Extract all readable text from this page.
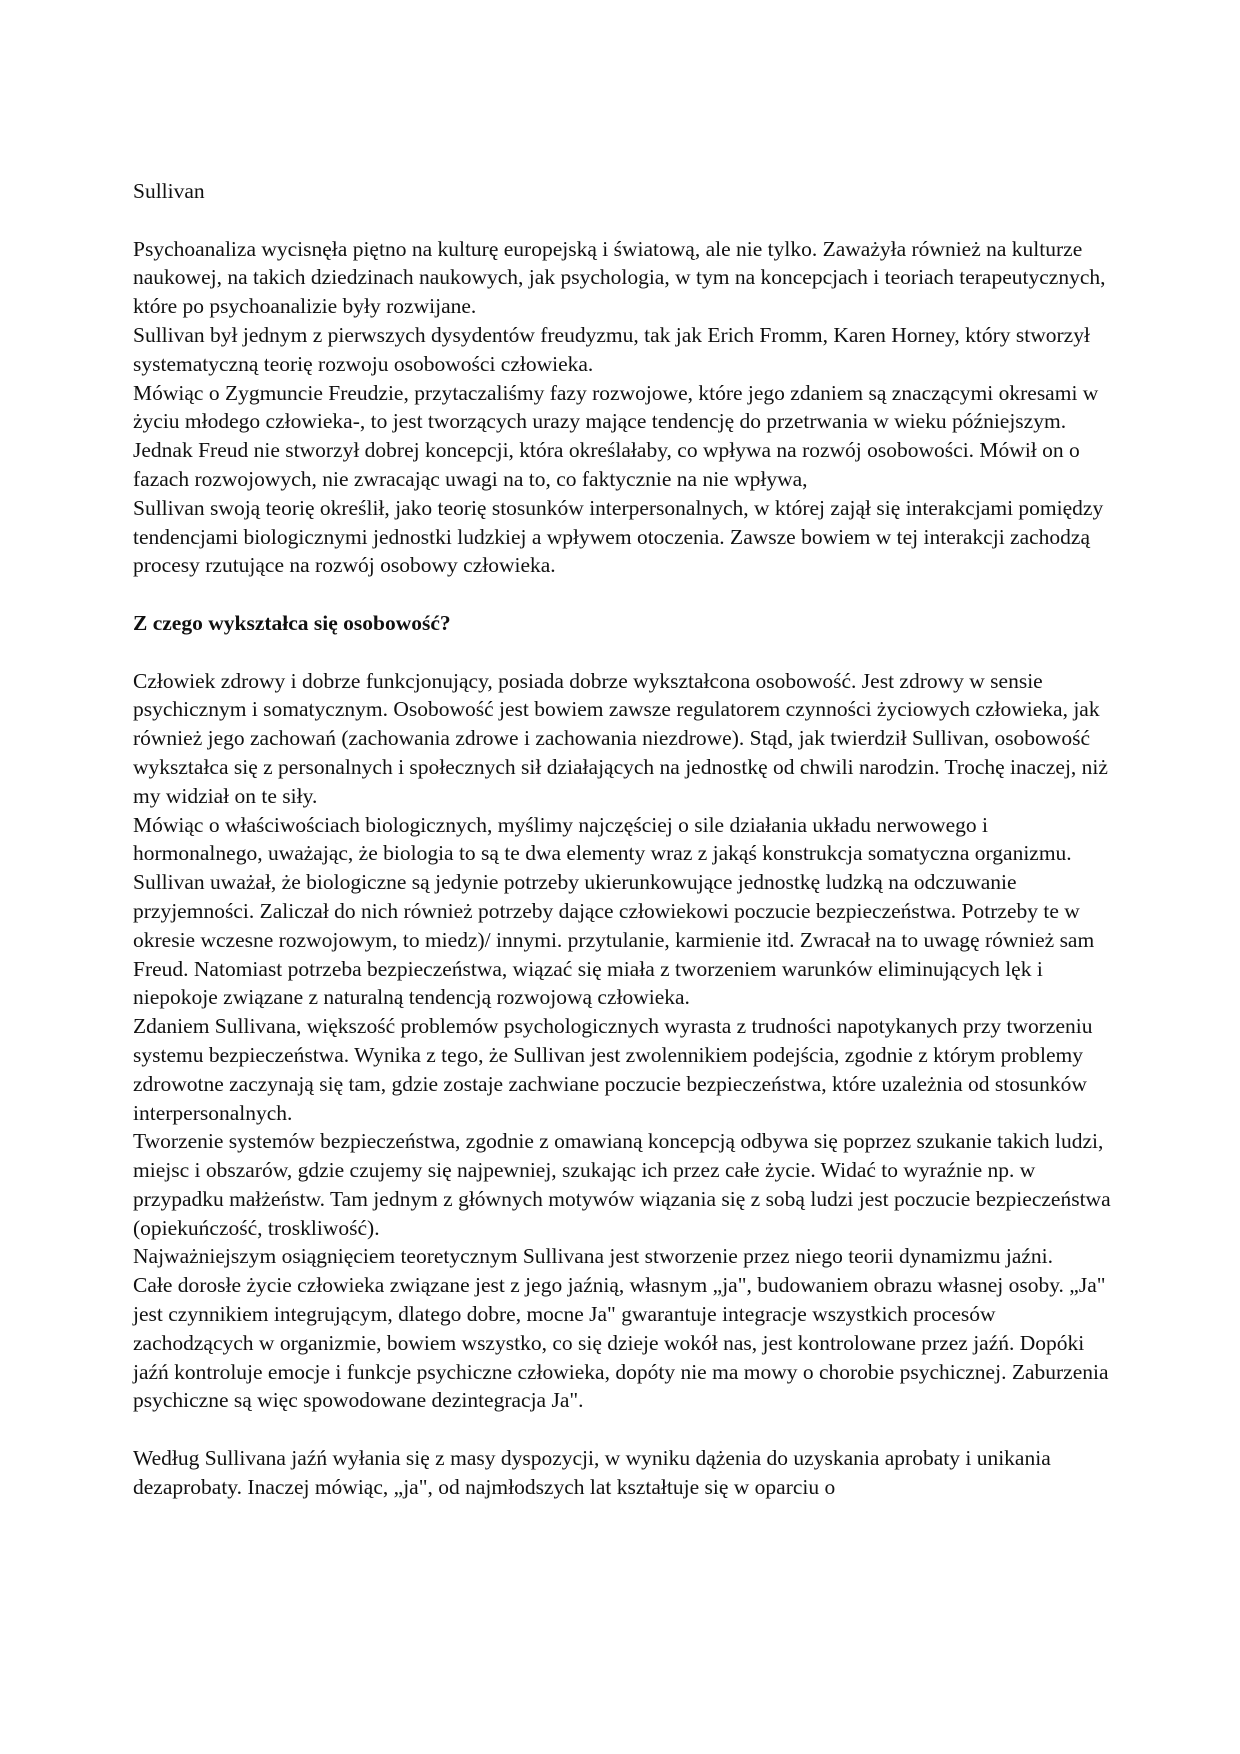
Sullivan

Psychoanaliza wycisnęła piętno na kulturę europejską i światową, ale nie tylko. Zaważyła również na kulturze naukowej, na takich dziedzinach naukowych, jak psychologia, w tym na koncepcjach i teoriach terapeutycznych, które po psychoanalizie były rozwijane.

Sullivan był jednym z pierwszych dysydentów freudyzmu, tak jak Erich Fromm, Karen Horney, który stworzył systematyczną teorię rozwoju osobowości człowieka.

Mówiąc o Zygmuncie Freudzie, przytaczaliśmy fazy rozwojowe, które jego zdaniem są znaczącymi okresami w życiu młodego człowieka-, to jest tworzących urazy mające tendencję do przetrwania w wieku późniejszym. Jednak Freud nie stworzył dobrej koncepcji, która określałaby, co wpływa na rozwój osobowości. Mówił on o fazach rozwojowych, nie zwracając uwagi na to, co faktycznie na nie wpływa,

Sullivan swoją teorię określił, jako teorię stosunków interpersonalnych, w której zajął się interakcjami pomiędzy tendencjami biologicznymi jednostki ludzkiej a wpływem otoczenia. Zawsze bowiem w tej interakcji zachodzą procesy rzutujące na rozwój osobowy człowieka.

Z czego wykształca się osobowość?

Człowiek zdrowy i dobrze funkcjonujący, posiada dobrze wykształcona osobowość. Jest zdrowy w sensie psychicznym i somatycznym. Osobowość jest bowiem zawsze regulatorem czynności życiowych człowieka, jak również jego zachowań (zachowania zdrowe i zachowania niezdrowe). Stąd, jak twierdził Sullivan, osobowość wykształca się z personalnych i społecznych sił działających na jednostkę od chwili narodzin. Trochę inaczej, niż my widział on te siły.

Mówiąc o właściwościach biologicznych, myślimy najczęściej o sile działania układu nerwowego i hormonalnego, uważając, że biologia to są te dwa elementy wraz z jakąś konstrukcja somatyczna organizmu. Sullivan uważał, że biologiczne są jedynie potrzeby ukierunkowujące jednostkę ludzką na odczuwanie przyjemności. Zaliczał do nich również potrzeby dające człowiekowi poczucie bezpieczeństwa. Potrzeby te w okresie wczesne rozwojowym, to miedz)/ innymi. przytulanie, karmienie itd. Zwracał na to uwagę również sam Freud. Natomiast potrzeba bezpieczeństwa, wiązać się miała z tworzeniem warunków eliminujących lęk i niepokoje związane z naturalną tendencją rozwojową człowieka.

Zdaniem Sullivana, większość problemów psychologicznych wyrasta z trudności napotykanych przy tworzeniu systemu bezpieczeństwa. Wynika z tego, że Sullivan jest zwolennikiem podejścia, zgodnie z którym problemy zdrowotne zaczynają się tam, gdzie zostaje zachwiane poczucie bezpieczeństwa, które uzależnia od stosunków interpersonalnych.

Tworzenie systemów bezpieczeństwa, zgodnie z omawianą koncepcją odbywa się poprzez szukanie takich ludzi, miejsc i obszarów, gdzie czujemy się najpewniej, szukając ich przez całe życie. Widać to wyraźnie np. w przypadku małżeństw. Tam jednym z głównych motywów wiązania się z sobą ludzi jest poczucie bezpieczeństwa (opiekuńczość, troskliwość).

Najważniejszym osiągnięciem teoretycznym Sullivana jest stworzenie przez niego teorii dynamizmu jaźni.

Całe dorosłe życie człowieka związane jest z jego jaźnią, własnym „ja", budowaniem obrazu własnej osoby. „Ja" jest czynnikiem integrującym, dlatego dobre, mocne Ja" gwarantuje integracje wszystkich procesów zachodzących w organizmie, bowiem wszystko, co się dzieje wokół nas, jest kontrolowane przez jaźń. Dopóki jaźń kontroluje emocje i funkcje psychiczne człowieka, dopóty nie ma mowy o chorobie psychicznej. Zaburzenia psychiczne są więc spowodowane dezintegracja Ja".

Według Sullivana jaźń wyłania się z masy dyspozycji, w wyniku dążenia do uzyskania aprobaty i unikania dezaprobaty. Inaczej mówiąc, „ja", od najmłodszych lat kształtuje się w oparciu o
